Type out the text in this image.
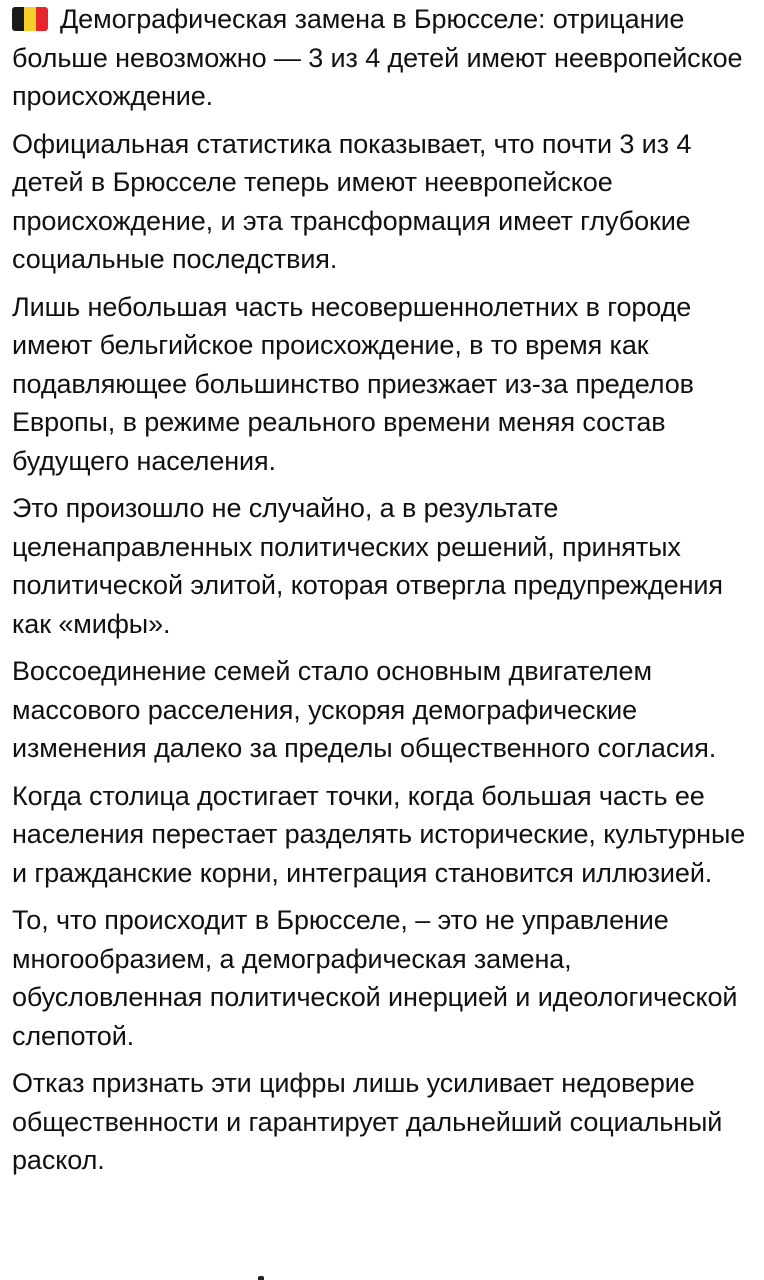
Демографическая замена в Брюсселе: отрицание больше невозможно — 3 из 4 детей имеют неевропейское происхождение.

Официальная статистика показывает, что почти 3 из 4 детей в Брюсселе теперь имеют неевропейское происхождение, и эта трансформация имеет глубокие социальные последствия.

Лишь небольшая часть несовершеннолетних в городе имеют бельгийское происхождение, в то время как подавляющее большинство приезжает из-за пределов Европы, в режиме реального времени меняя состав будущего населения.

Это произошло не случайно, а в результате целенаправленных политических решений, принятых политической элитой, которая отвергла предупреждения как «мифы».

Воссоединение семей стало основным двигателем массового расселения, ускоряя демографические изменения далеко за пределы общественного согласия.

Когда столица достигает точки, когда большая часть ее населения перестает разделять исторические, культурные и гражданские корни, интеграция становится иллюзией.

То, что происходит в Брюсселе, – это не управление многообразием, а демографическая замена, обусловленная политической инерцией и идеологической слепотой.

Отказ признать эти цифры лишь усиливает недоверие общественности и гарантирует дальнейший социальный раскол.
